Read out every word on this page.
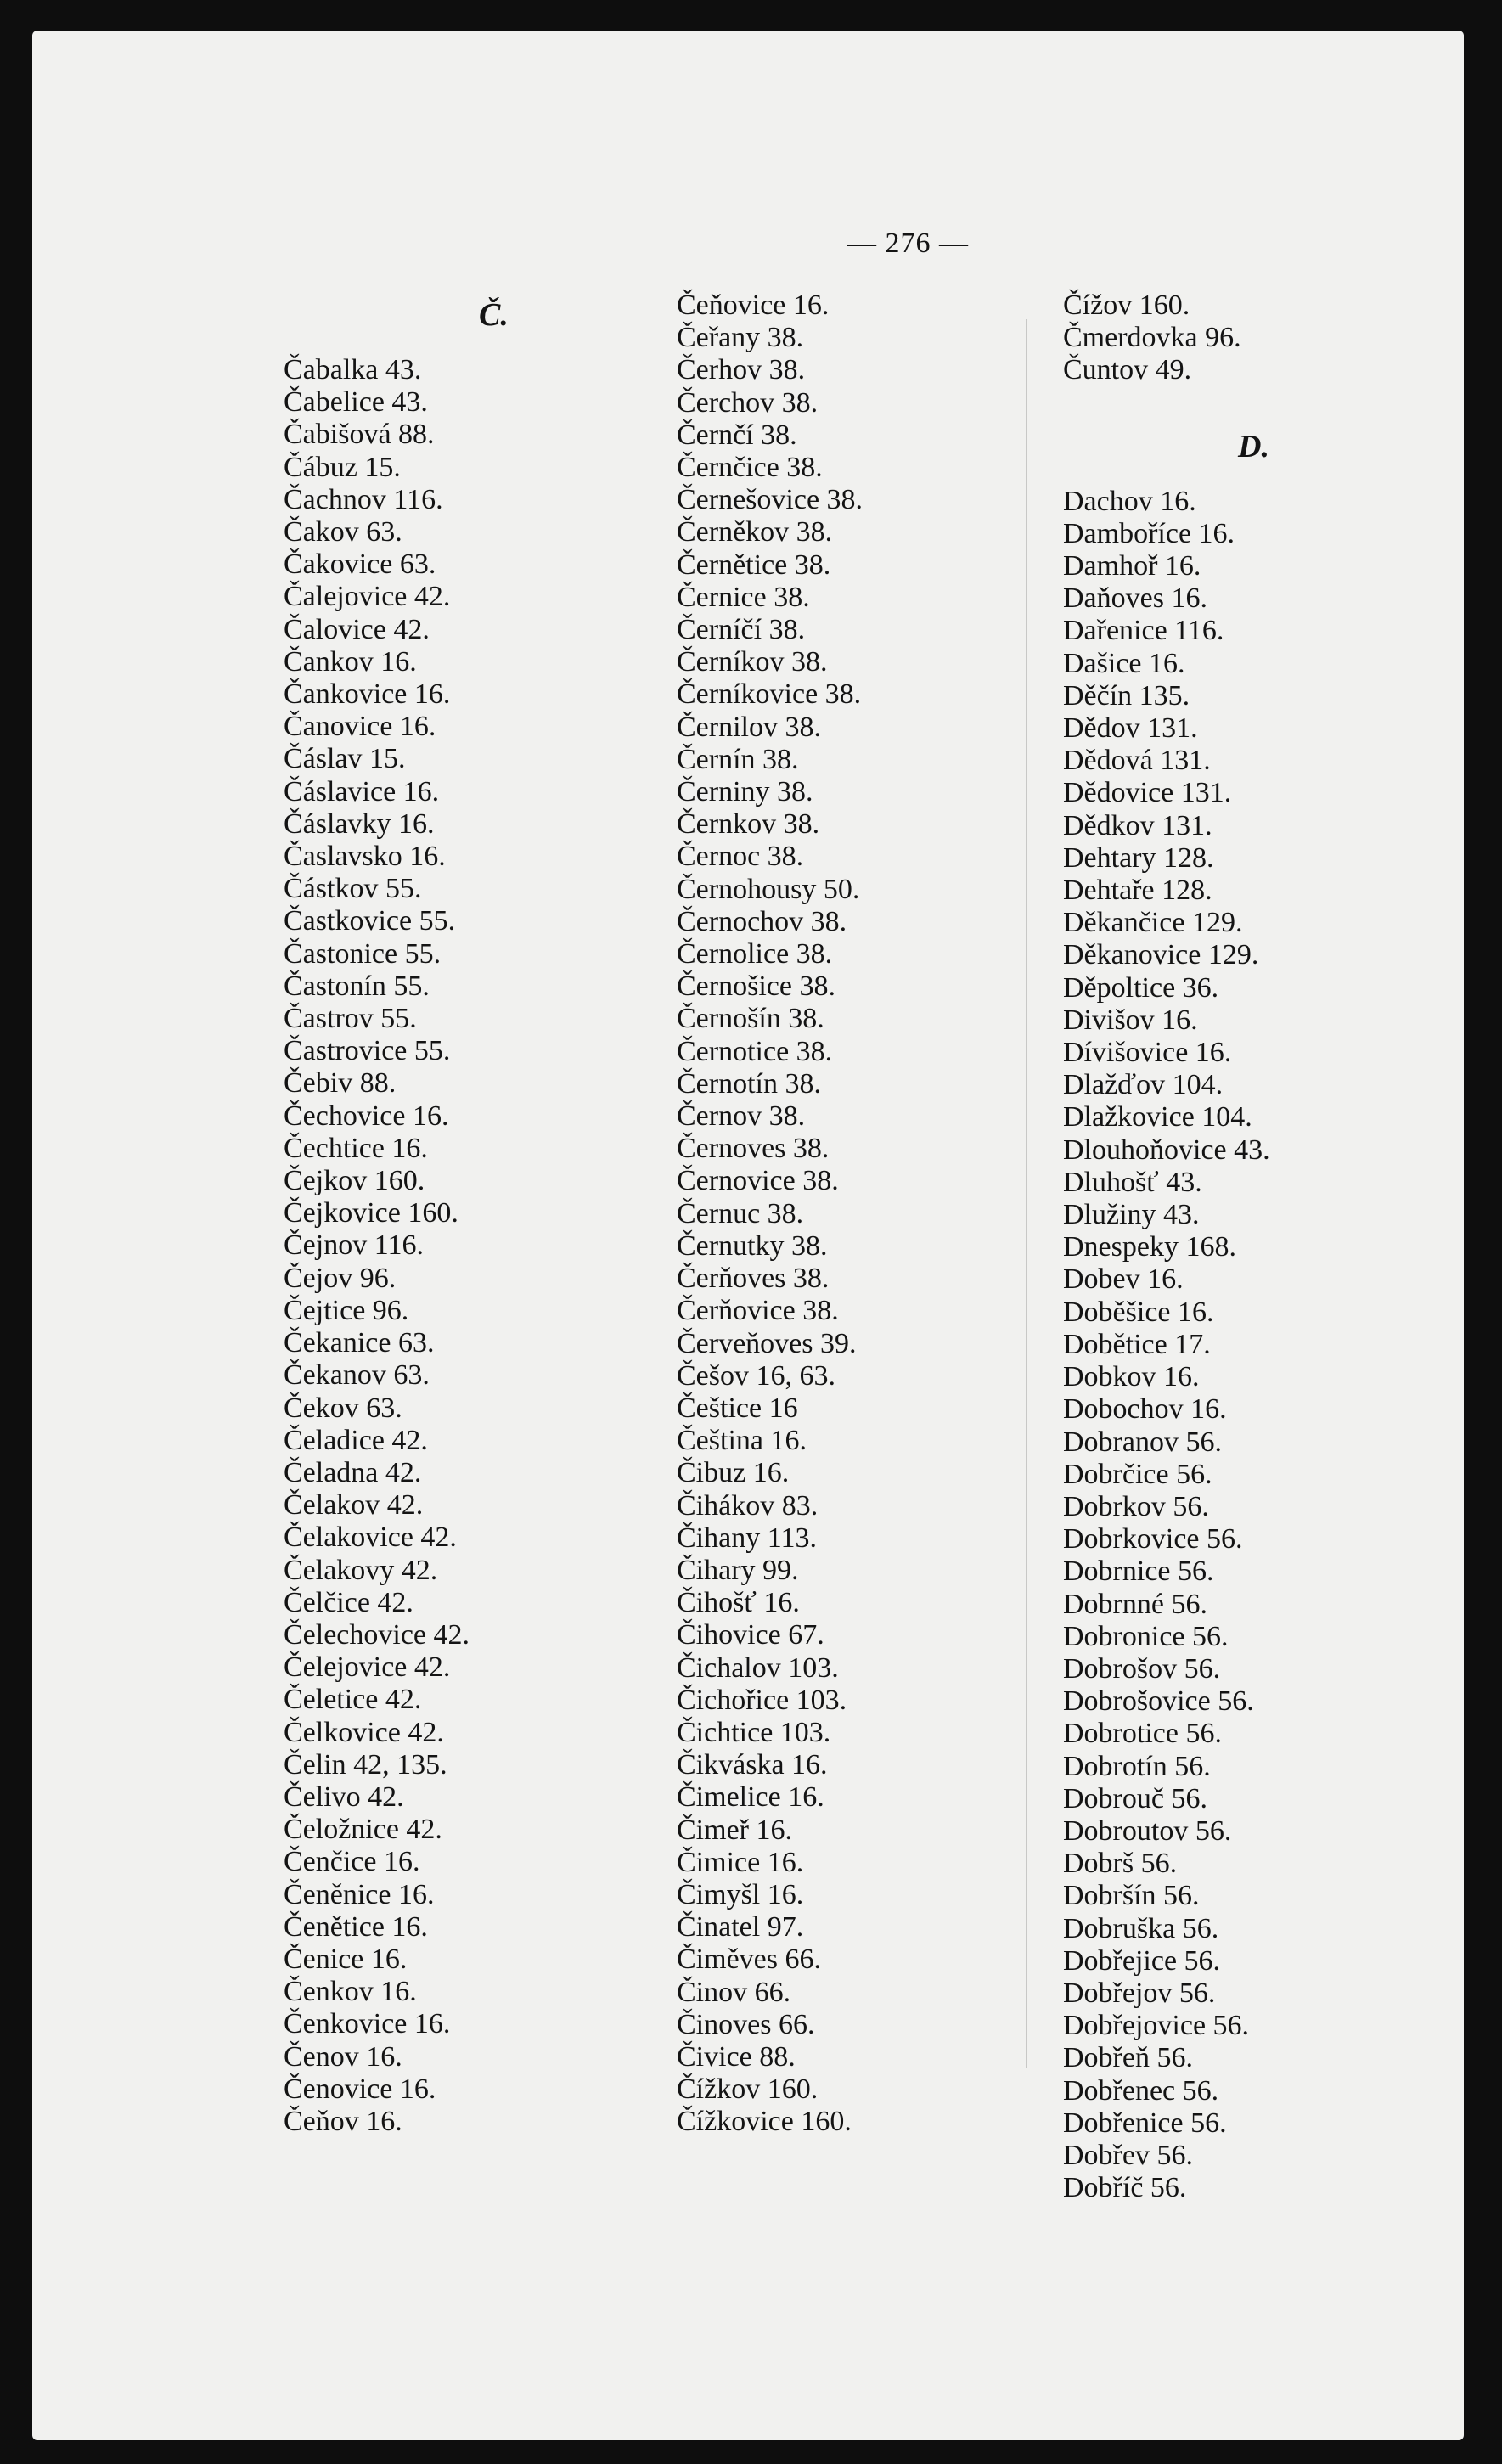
— 276 —
Č.
Čabalka 43.
Čabelice 43.
Čabišová 88.
Čábuz 15.
Čachnov 116.
Čakov 63.
Čakovice 63.
Čalejovice 42.
Čalovice 42.
Čankov 16.
Čankovice 16.
Čanovice 16.
Čáslav 15.
Čáslavice 16.
Čáslavky 16.
Časlavsko 16.
Částkov 55.
Častkovice 55.
Častonice 55.
Častonín 55.
Častrov 55.
Častrovice 55.
Čebiv 88.
Čechovice 16.
Čechtice 16.
Čejkov 160.
Čejkovice 160.
Čejnov 116.
Čejov 96.
Čejtice 96.
Čekanice 63.
Čekanov 63.
Čekov 63.
Čeladice 42.
Čeladna 42.
Čelakov 42.
Čelakovice 42.
Čelakovy 42.
Čelčice 42.
Čelechovice 42.
Čelejovice 42.
Čeletice 42.
Čelkovice 42.
Čelin 42, 135.
Čelivo 42.
Čeložnice 42.
Čenčice 16.
Čeněnice 16.
Čenětice 16.
Čenice 16.
Čenkov 16.
Čenkovice 16.
Čenov 16.
Čenovice 16.
Čeňov 16.
Čeňovice 16.
Čeřany 38.
Čerhov 38.
Čerchov 38.
Černčí 38.
Černčice 38.
Černešovice 38.
Černěkov 38.
Černětice 38.
Černice 38.
Černíčí 38.
Černíkov 38.
Černíkovice 38.
Černilov 38.
Černín 38.
Černiny 38.
Černkov 38.
Černoc 38.
Černohousy 50.
Černochov 38.
Černolice 38.
Černošice 38.
Černošín 38.
Černotice 38.
Černotín 38.
Černov 38.
Černoves 38.
Černovice 38.
Černuc 38.
Černutky 38.
Čerňoves 38.
Čerňovice 38.
Červeňoves 39.
Češov 16, 63.
Češtice 16
Čeština 16.
Čibuz 16.
Čihákov 83.
Čihany 113.
Čihary 99.
Čihošť 16.
Čihovice 67.
Čichalov 103.
Čichořice 103.
Čichtice 103.
Čikváska 16.
Čimelice 16.
Čimeř 16.
Čimice 16.
Čimyšl 16.
Činatel 97.
Čiměves 66.
Činov 66.
Činoves 66.
Čivice 88.
Čížkov 160.
Čížkovice 160.
Čížov 160.
Čmerdovka 96.
Čuntov 49.
D.
Dachov 16.
Damboříce 16.
Damhoř 16.
Daňoves 16.
Dařenice 116.
Dašice 16.
Děčín 135.
Dědov 131.
Dědová 131.
Dědovice 131.
Dědkov 131.
Dehtary 128.
Dehtaře 128.
Děkančice 129.
Děkanovice 129.
Děpoltice 36.
Divišov 16.
Dívišovice 16.
Dlažďov 104.
Dlažkovice 104.
Dlouhoňovice 43.
Dluhošť 43.
Dlužiny 43.
Dnespeky 168.
Dobev 16.
Doběšice 16.
Dobětice 17.
Dobkov 16.
Dobochov 16.
Dobranov 56.
Dobrčice 56.
Dobrkov 56.
Dobrkovice 56.
Dobrnice 56.
Dobrnné 56.
Dobronice 56.
Dobrošov 56.
Dobrošovice 56.
Dobrotice 56.
Dobrotín 56.
Dobrouč 56.
Dobroutov 56.
Dobrš 56.
Dobršín 56.
Dobruška 56.
Dobřejice 56.
Dobřejov 56.
Dobřejovice 56.
Dobřeň 56.
Dobřenec 56.
Dobřenice 56.
Dobřev 56.
Dobříč 56.
